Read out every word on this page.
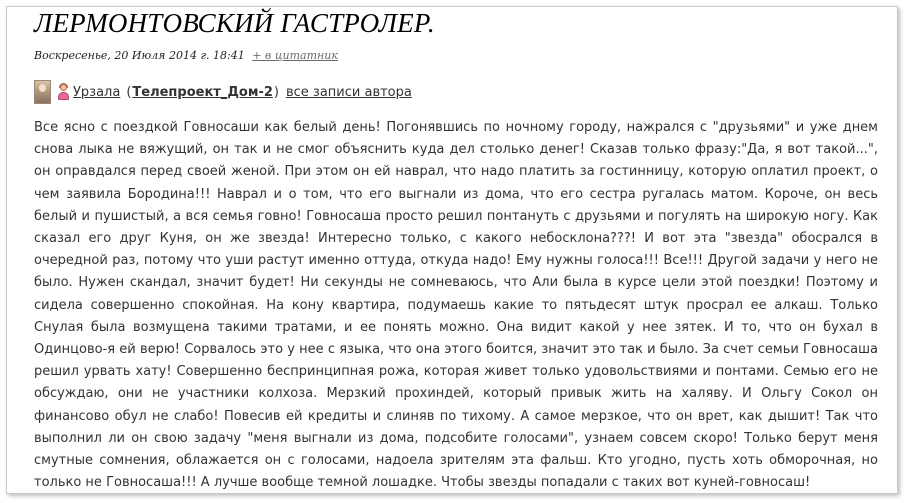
ЛЕРМОНТОВСКИЙ ГАСТРОЛЕР.
Воскресенье, 20 Июля 2014 г. 18:41 + в цитатник
Урзала ( Телепроект_Дом-2 ) все записи автора

Все ясно с поездкой Говносаши как белый день! Погонявшись по ночному городу, нажрался с "друзьями" и уже днем снова лыка не вяжущий, он так и не смог объяснить куда дел столько денег! Сказав только фразу:"Да, я вот такой...", он оправдался перед своей женой. При этом он ей наврал, что надо платить за гостинницу, которую оплатил проект, о чем заявила Бородина!!! Наврал и о том, что его выгнали из дома, что его сестра ругалась матом. Короче, он весь белый и пушистый, а вся семья говно! Говносаша просто решил понтануть с друзьями и погулять на широкую ногу. Как сказал его друг Куня, он же звезда! Интересно только, с какого небосклона???! И вот эта "звезда" обосрался в очередной раз, потому что уши растут именно оттуда, откуда надо! Ему нужны голоса!!! Все!!! Другой задачи у него не было. Нужен скандал, значит будет! Ни секунды не сомневаюсь, что Али была в курсе цели этой поездки! Поэтому и сидела совершенно спокойная. На кону квартира, подумаешь какие то пятьдесят штук просрал ее алкаш. Только Снулая была возмущена такими тратами, и ее понять можно. Она видит какой у нее зятек. И то, что он бухал в Одинцово-я ей верю! Сорвалось это у нее с языка, что она этого боится, значит это так и было. За счет семьи Говносаша решил урвать хату! Совершенно беспринципная рожа, которая живет только удовольствиями и понтами. Семью его не обсуждаю, они не участники колхоза. Мерзкий прохиндей, который привык жить на халяву. И Ольгу Сокол он финансово обул не слабо! Повесив ей кредиты и слиняв по тихому. А самое мерзкое, что он врет, как дышит! Так что выполнил ли он свою задачу "меня выгнали из дома, подсобите голосами", узнаем совсем скоро! Только берут меня смутные сомнения, облажается он с голосами, надоела зрителям эта фальш. Кто угодно, пусть хоть обморочная, но только не Говносаша!!! А лучше вообще темной лошадке. Чтобы звезды попадали с таких вот куней-говносаш!
